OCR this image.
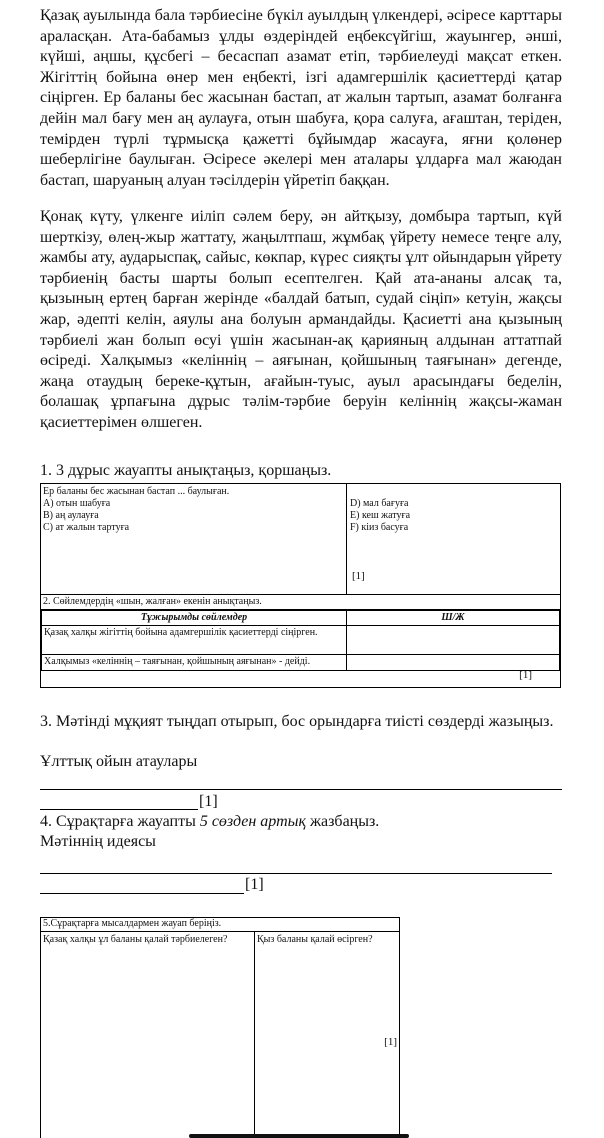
Қазақ ауылында бала тәрбиесіне бүкіл ауылдың үлкендері, әсіресе карттары араласқан. Ата-бабамыз ұлды өздеріндей еңбексүйгіш, жауынгер, әнші, күйші, аңшы, құсбегі – бесаспап азамат етіп, тәрбиелеуді мақсат еткен. Жігіттің бойына өнер мен еңбекті, ізгі адамгершілік қасиеттерді қатар сіңірген. Ер баланы бес жасынан бастап, ат жалын тартып, азамат болғанға дейін мал бағу мен аң аулауға, отын шабуға, қора салуға, ағаштан, теріден, темірден түрлі тұрмысқа қажетті бұйымдар жасауға, яғни қолөнер шеберлігіне баулыған. Әсіресе әкелері мен аталары ұлдарға мал жаюдан бастап, шаруаның алуан тәсілдерін үйретіп баққан.

Қонақ күту, үлкенге иіліп сәлем беру, ән айтқызу, домбыра тартып, күй шерткізу, өлең-жыр жаттату, жаңылтпаш, жұмбақ үйрету немесе теңге алу, жамбы ату, аударыспақ, сайыс, көкпар, күрес сияқты ұлт ойындарын үйрету тәрбиенің басты шарты болып есептелген. Қай ата-ананы алсақ та, қызының ертең барған жерінде «балдай батып, судай сіңіп» кетуін, жақсы жар, әдепті келін, аяулы ана болуын армандайды. Қасиетті ана қызының тәрбиелі жан болып өсуі үшін жасынан-ақ қарияның алдынан аттатпай өсіреді. Халқымыз «келіннің – аяғынан, қойшының таяғынан» дегенде, жаңа отаудың береке-құтын, ағайын-туыс, ауыл арасындағы беделін, болашақ ұрпағына дұрыс тәлім-тәрбие беруін келіннің жақсы-жаман қасиеттерімен өлшеген.

1. 3 дұрыс жауапты анықтаңыз, қоршаңыз.

Ер баланы бес жасынан бастап ... баулыған.
A) отын шабуға
B) аң аулауға
C) ат жалын тартуға
D) мал бағуға
E) кеш жатуға
F) кіиз басуға
[1]
2. Сөйлемдердің «шын, жалған» екенін анықтаңыз.
Тұжырымды сөйлемдер	Ш/Ж
Қазақ халқы жігіттің бойына адамгершілік қасиеттерді сіңірген.	
Халқымыз «келіннің – таяғынан, қойшының аяғынан» - дейді.	
[1]

3. Мәтінді мұқият тыңдап отырып, бос орындарға тиісті сөздерді жазыңыз.

Ұлттық ойын атаулары

[1]

4. Сұрақтарға жауапты 5 сөзден артық жазбаңыз.

Мәтіннің идеясы

[1]
5.Сұрақтарға мысалдармен жауап беріңіз.
Қазақ халқы ұл баланы қалай тәрбиелеген?	Қыз баланы қалай өсірген?
[1]
